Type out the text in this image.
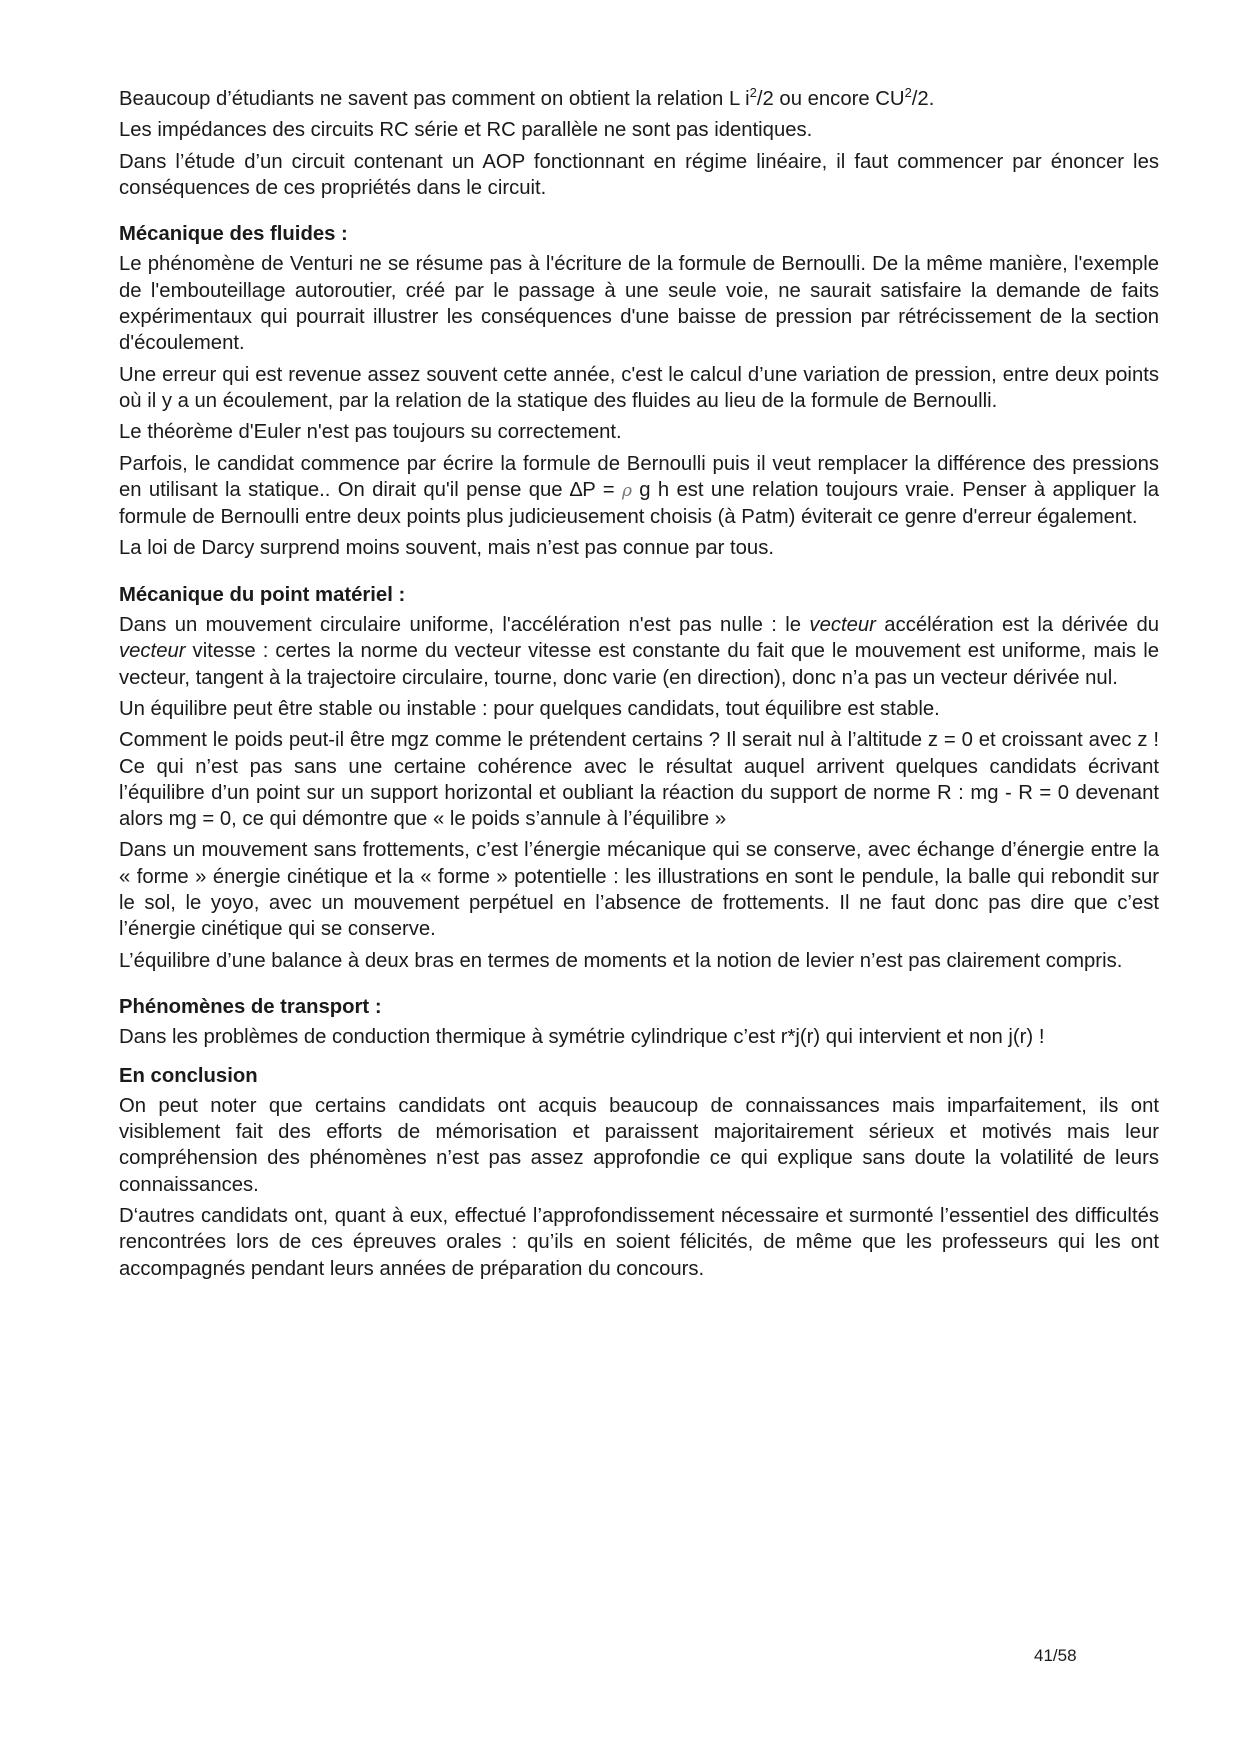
Beaucoup d’étudiants ne savent pas comment on obtient la relation L $i^2/2$ ou encore $CU^2/2$.

Les impédances des circuits RC série et RC parallèle ne sont pas identiques.

Dans l’étude d’un circuit contenant un AOP fonctionnant en régime linéaire, il faut commencer par énoncer les conséquences de ces propriétés dans le circuit.

Mécanique des fluides :

Le phénomène de Venturi ne se résume pas à l'écriture de la formule de Bernoulli. De la même manière, l'exemple de l'embouteillage autoroutier, créé par le passage à une seule voie, ne saurait satisfaire la demande de faits expérimentaux qui pourrait illustrer les conséquences d'une baisse de pression par rétrécissement de la section d'écoulement.

Une erreur qui est revenue assez souvent cette année, c'est le calcul d’une variation de pression, entre deux points où il y a un écoulement, par la relation de la statique des fluides au lieu de la formule de Bernoulli.

Le théorème d'Euler n'est pas toujours su correctement.

Parfois, le candidat commence par écrire la formule de Bernoulli puis il veut remplacer la différence des pressions en utilisant la statique.. On dirait qu'il pense que ∆P = ρ g h est une relation toujours vraie. Penser à appliquer la formule de Bernoulli entre deux points plus judicieusement choisis (à Patm) éviterait ce genre d'erreur également.

La loi de Darcy surprend moins souvent, mais n’est pas connue par tous.

Mécanique du point matériel :

Dans un mouvement circulaire uniforme, l'accélération n'est pas nulle : le vecteur accélération est la dérivée du vecteur vitesse : certes la norme du vecteur vitesse est constante du fait que le mouvement est uniforme, mais le vecteur, tangent à la trajectoire circulaire, tourne, donc varie (en direction), donc n’a pas un vecteur dérivée nul.

Un équilibre peut être stable ou instable : pour quelques candidats, tout équilibre est stable.

Comment le poids peut-il être mgz comme le prétendent certains ? Il serait nul à l’altitude z = 0 et croissant avec z ! Ce qui n’est pas sans une certaine cohérence avec le résultat auquel arrivent quelques candidats écrivant l’équilibre d’un point sur un support horizontal et oubliant la réaction du support de norme R : mg - R = 0 devenant alors mg = 0, ce qui démontre que « le poids s’annule à l’équilibre »

Dans un mouvement sans frottements, c’est l’énergie mécanique qui se conserve, avec échange d’énergie entre la « forme » énergie cinétique et la « forme » potentielle : les illustrations en sont le pendule, la balle qui rebondit sur le sol, le yoyo, avec un mouvement perpétuel en l’absence de frottements. Il ne faut donc pas dire que c’est l’énergie cinétique qui se conserve.

L’équilibre d’une balance à deux bras en termes de moments et la notion de levier n’est pas clairement compris.

Phénomènes de transport :

Dans les problèmes de conduction thermique à symétrie cylindrique c’est r*j(r) qui intervient et non j(r) !

En conclusion

On peut noter que certains candidats ont acquis beaucoup de connaissances mais imparfaitement, ils ont visiblement fait des efforts de mémorisation et paraissent majoritairement sérieux et motivés mais leur compréhension des phénomènes n’est pas assez approfondie ce qui explique sans doute la volatilité de leurs connaissances.

D‘autres candidats ont, quant à eux, effectué l’approfondissement nécessaire et surmonté l’essentiel des difficultés rencontrées lors de ces épreuves orales : qu’ils en soient félicités, de même que les professeurs qui les ont accompagnés pendant leurs années de préparation du concours.

41/58
